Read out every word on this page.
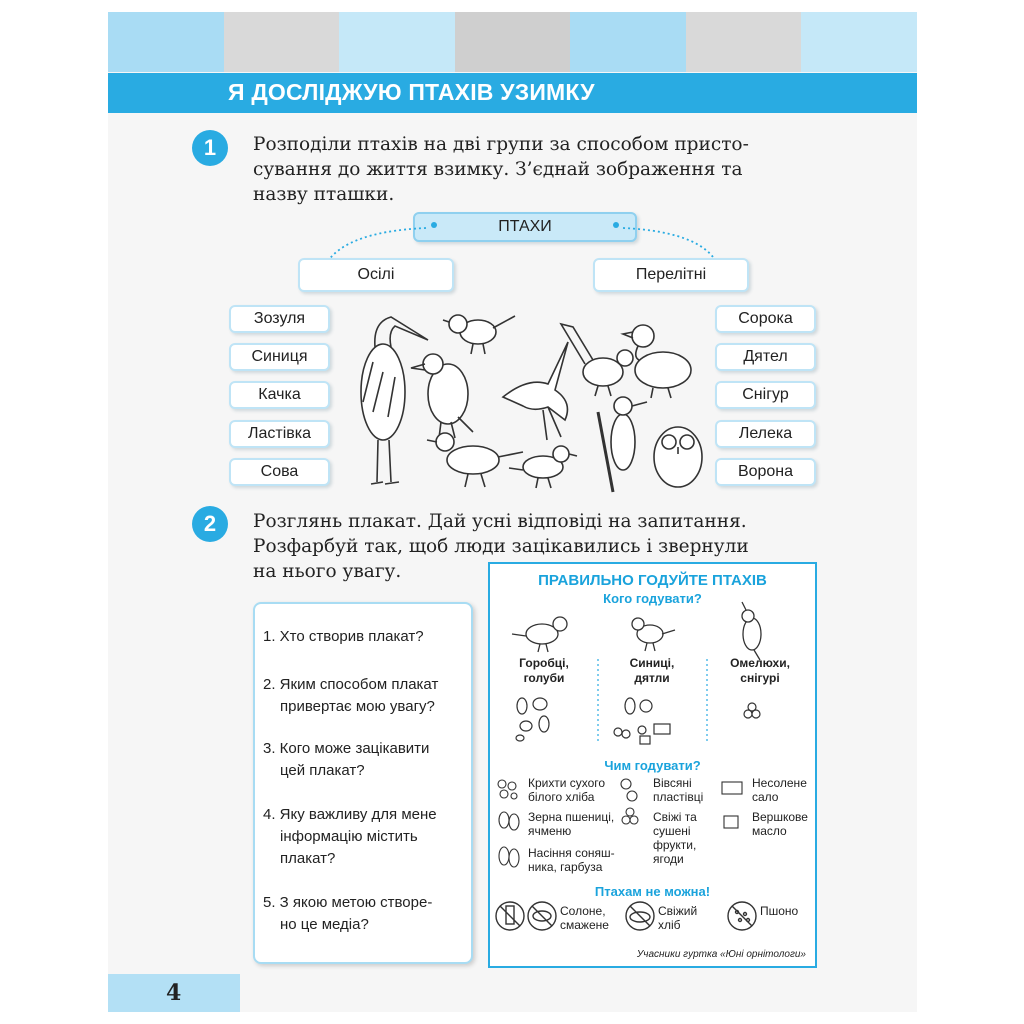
Я ДОСЛІДЖУЮ ПТАХІВ УЗИМКУ
1	Розподіли птахів на дві групи за способом присто-
сування до життя взимку. З’єднай зображення та
назву пташки.
ПТАХИ
Осілі	Перелітні
Зозуля
Синиця
Качка
Ластівка
Сова
Сорока
Дятел
Снігур
Лелека
Ворона
2	Розглянь плакат. Дай усні відповіді на запитання.
Розфарбуй так, щоб люди зацікавились і звернули
на нього увагу.
1. Хто створив плакат?
2. Яким способом плакат
привертає мою увагу?
3. Кого може зацікавити
цей плакат?
4. Яку важливу для мене
інформацію містить
плакат?
5. З якою метою створе-
но це медіа?
ПРАВИЛЬНО ГОДУЙТЕ ПТАХІВ
Кого годувати?
Горобці,
голуби
Синиці,
дятли
Омелюхи,
снігурі
Чим годувати?
Крихти сухого
білого хліба
Зерна пшениці,
ячменю
Насіння соняш-
ника, гарбуза
Вівсяні
пластівці
Свіжі та
сушені
фрукти,
ягоди
Несолене
сало
Вершкове
масло
Птахам не можна!
Солоне,
смажене
Свіжий
хліб
Пшоно
Учасники гуртка «Юні орнітологи»
4
